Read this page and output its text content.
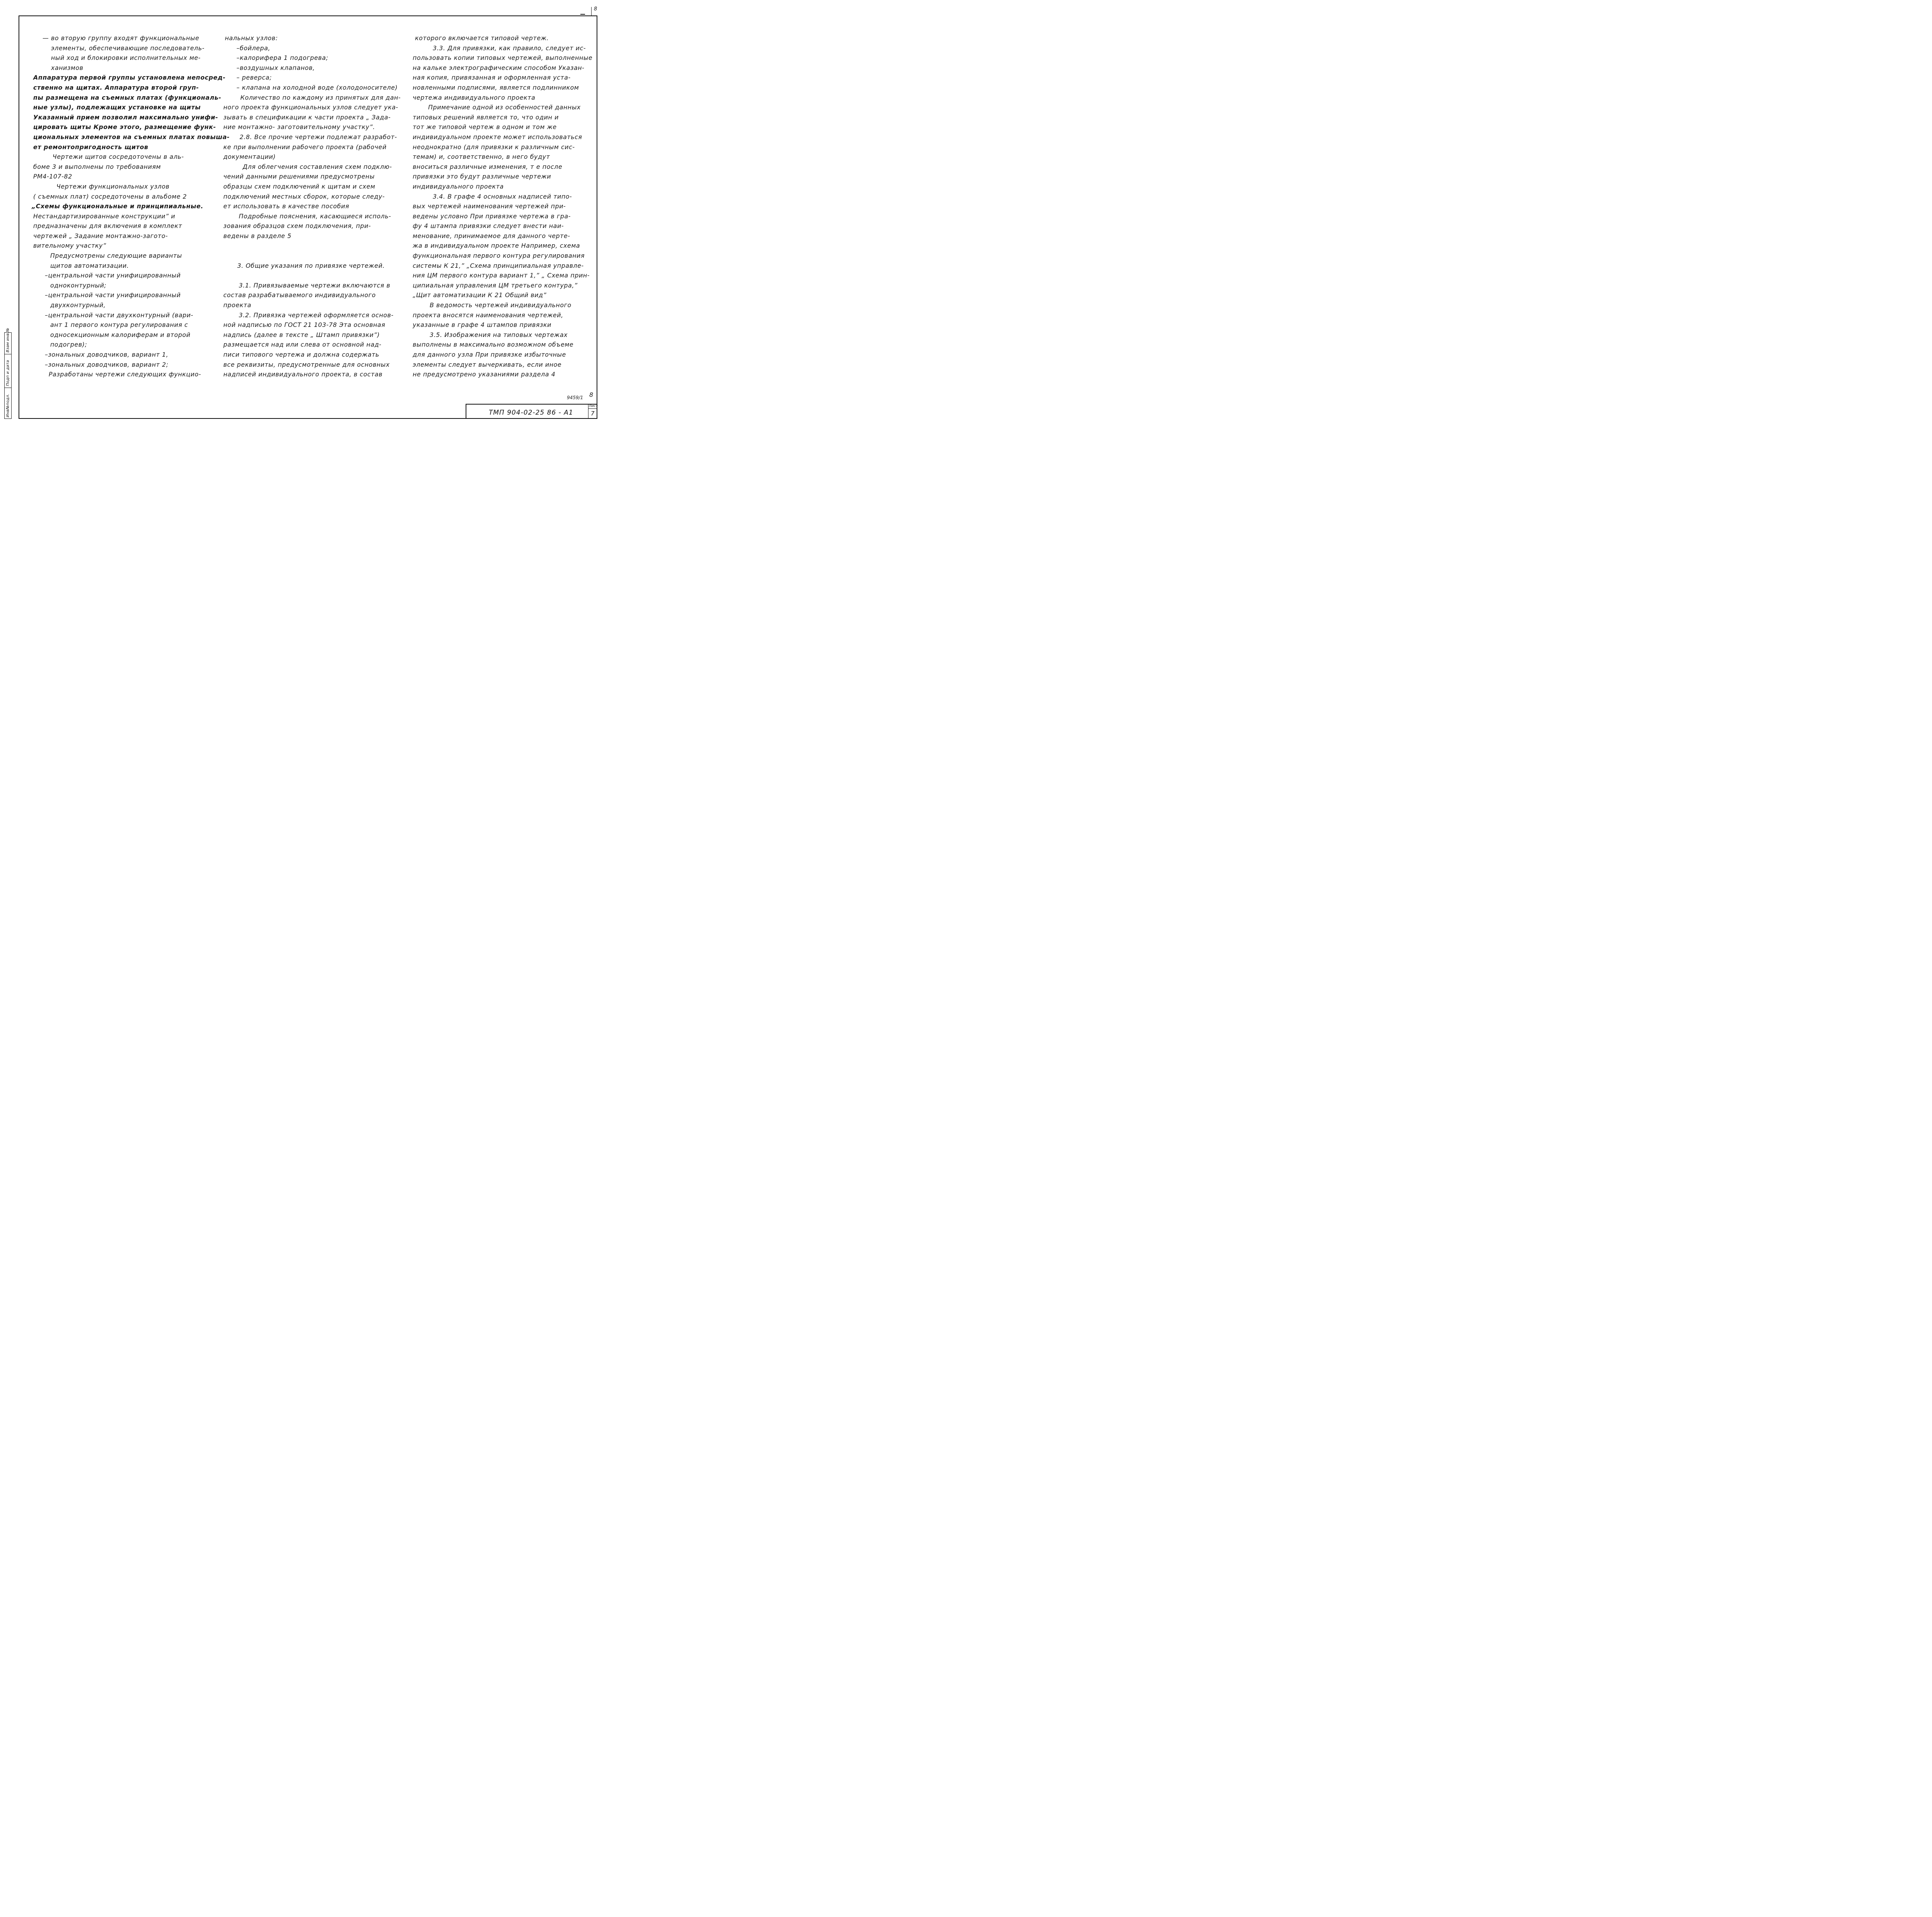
— во вторую группу входят функциональные

элементы, обеспечивающие последователь-

ный ход и блокировки исполнительных ме-

ханизмов

Аппаратура первой группы установлена непосред-

ственно на щитах. Аппаратура второй груп-

пы размещена на съемных платах (функциональ-

ные узлы), подлежащих установке на щиты

Указанный прием позволил максимально унифи-

цировать щиты Кроме этого, размещение функ-

циональных элементов на съемных платах повыша-

ет ремонтопригодность щитов

Чертежи щитов сосредоточены в аль-

боме 3 и выполнены по требованиям

РМ4-107-82

Чертежи функциональных узлов

( съемных плат) сосредоточены в альбоме 2

„Схемы функциональные и принципиальные.

Нестандартизированные конструкции” и

предназначены для включения в комплект

чертежей „ Задание монтажно-загото-

вительному участку”

Предусмотрены следующие варианты

щитов автоматизации.

–центральной части унифицированный

одноконтурный;

–центральной части унифицированный

двухконтурный,

–центральной части двухконтурный (вари-

ант 1 первого контура регулирования с

односекционным калориферам и второй

подогрев);

–зональных доводчиков, вариант 1,

–зональных доводчиков, вариант 2;

Разработаны чертежи следующих функцио-

нальных узлов:

–бойлера,

–калорифера 1 подогрева;

–воздушных клапанов,

– реверса;

– клапана на холодной воде (холодоносителе)

Количество по каждому из принятых для дан-

ного проекта функциональных узлов следует ука-

зывать в спецификации к части проекта „ Зада-

ние монтажно- заготовительному участку”.

2.8. Все прочие чертежи подлежат разработ-

ке при выполнении рабочего проекта (рабочей

документации)

Для облегчения составления схем подклю-

чений данными решениями предусмотрены

образцы схем подключений к щитам и схем

подключений местных сборок, которые следу-

ет использовать в качестве пособия

Подробные пояснения, касающиеся исполь-

зования образцов схем подключения, при-

ведены в разделе 5

3. Общие указания по привязке чертежей.

3.1. Привязываемые чертежи включаются в

состав разрабатываемого индивидуального

проекта

3.2. Привязка чертежей оформляется основ-

ной надписью по ГОСТ 21 103-78 Эта основная

надпись (далее в тексте „ Штамп привязки”)

размещается над или слева от основной над-

писи типового чертежа и должна содержать

все реквизиты, предусмотренные для основных

надписей индивидуального проекта, в состав

которого включается типовой чертеж.

3.3. Для привязки, как правило, следует ис-

пользовать копии типовых чертежей, выполненные

на кальке электрографическим способом Указан-

ная копия, привязанная и оформленная уста-

новленными подписями, является подлинником

чертежа индивидуального проекта

Примечание одной из особенностей данных

типовых решений является то, что один и

тот же типовой чертеж в одном и том же

индивидуальном проекте может использоваться

неоднократно (для привязки к различным сис-

темам) и, соответственно, в него будут

вноситься различные изменения, т е после

привязки это будут различные чертежи

индивидуального проекта

3.4. В графе 4 основных надписей типо-

вых чертежей наименования чертежей при-

ведены условно При привязке чертежа в гра-

фу 4 штампа привязки следует внести наи-

менование, принимаемое для данного черте-

жа в индивидуальном проекте Например, схема

функциональная первого контура регулирования

системы К 21,” „Схема принципиальная управле-

ния ЦМ первого контура вариант 1,” „ Схема прин-

ципиальная управления ЦМ третьего контура,”

„Щит автоматизации К 21 Общий вид”

В ведомость чертежей индивидуального

проекта вносятся наименования чертежей,

указанные в графе 4 штампов привязки

3.5. Изображения на типовых чертежах

выполнены в максимально возможном объеме

для данного узла При привязке избыточные

элементы следует вычеркивать, если иное

не предусмотрено указаниями раздела 4

Инв№подл.Подп и датаВзам инв.№
ТМП 904-02-25 86 - А1
Лист
7
9459/1 8
8
